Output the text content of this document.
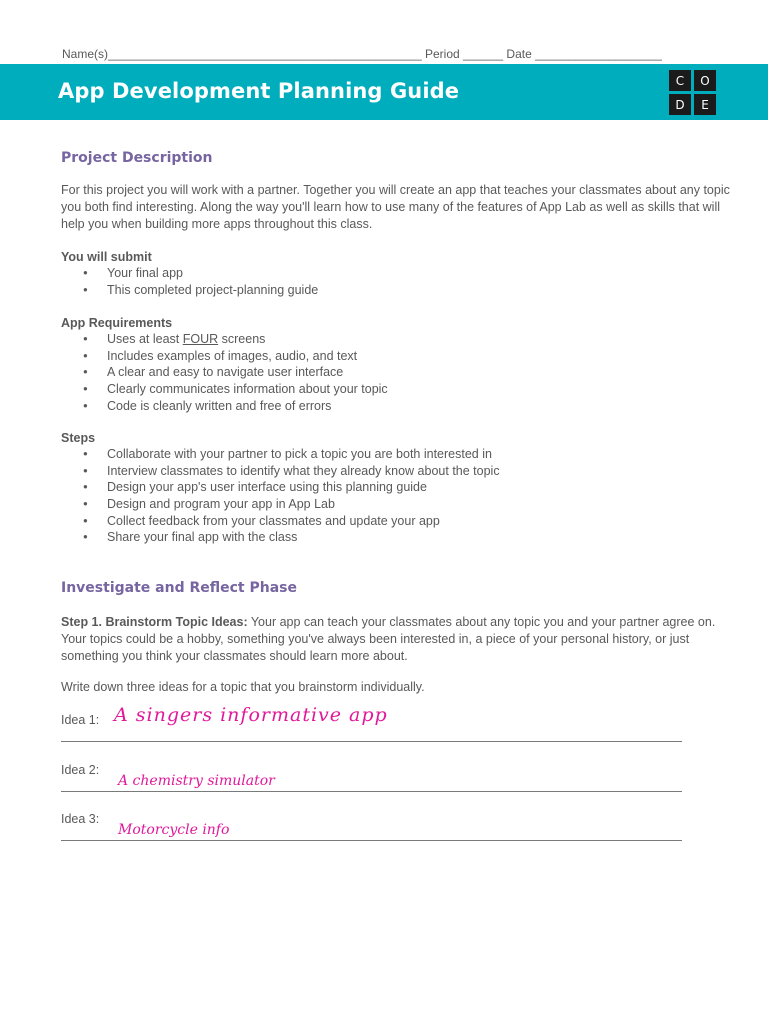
Name(s)_______________________________________________ Period ______ Date ___________________
App Development Planning Guide	C	O
D	E
Project Description

For this project you will work with a partner. Together you will create an app that teaches your classmates about any topic you both find interesting. Along the way you'll learn how to use many of the features of App Lab as well as skills that will help you when building more apps throughout this class.

You will submit
● Your final app
● This completed project-planning guide
App Requirements
● Uses at least FOUR screens
● Includes examples of images, audio, and text
● A clear and easy to navigate user interface
● Clearly communicates information about your topic
● Code is cleanly written and free of errors
Steps
● Collaborate with your partner to pick a topic you are both interested in
● Interview classmates to identify what they already know about the topic
● Design your app's user interface using this planning guide
● Design and program your app in App Lab
● Collect feedback from your classmates and update your app
● Share your final app with the class
Investigate and Reflect Phase

Step 1. Brainstorm Topic Ideas: Your app can teach your classmates about any topic you and your partner agree on. Your topics could be a hobby, something you've always been interested in, a piece of your personal history, or just something you think your classmates should learn more about.

Write down three ideas for a topic that you brainstorm individually.

Idea 1: A singers informative app
Idea 2:
A chemistry simulator
Idea 3:
Motorcycle info
